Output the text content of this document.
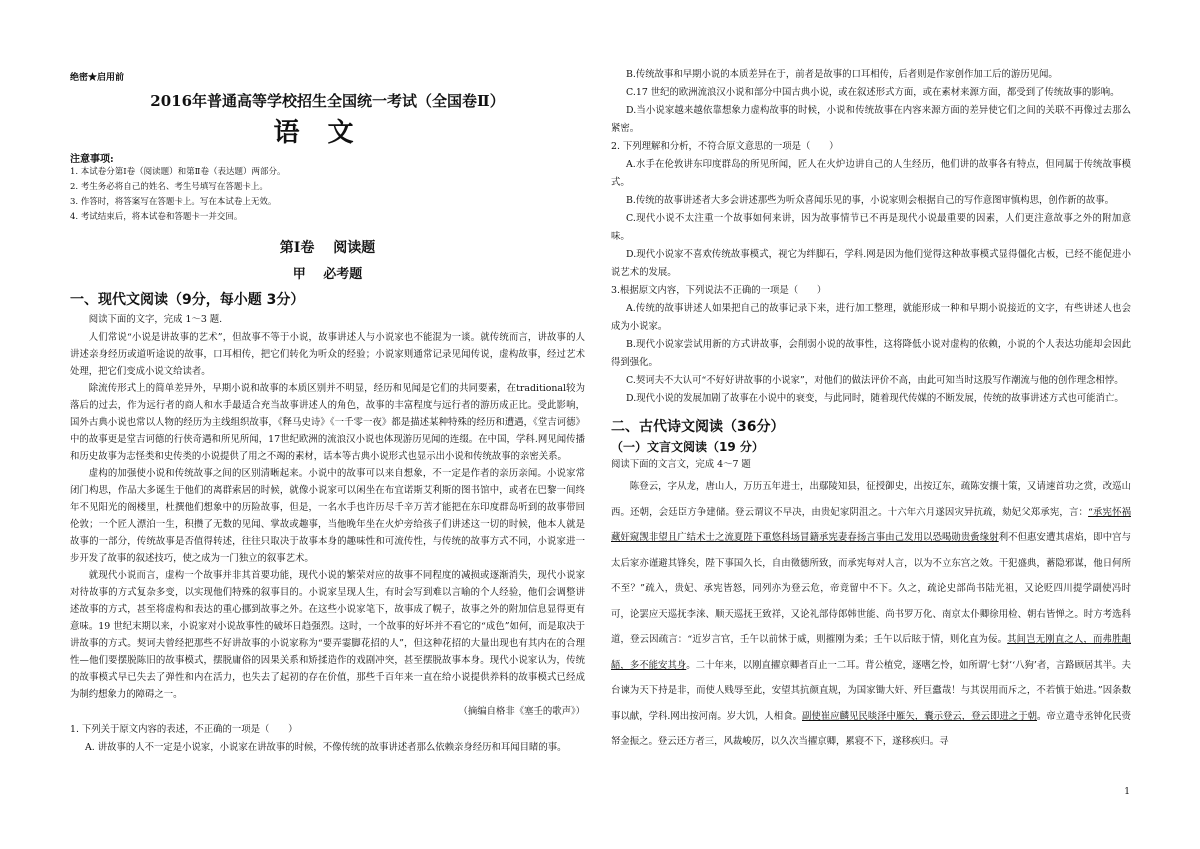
绝密★启用前
2016年普通高等学校招生全国统一考试（全国卷Ⅱ）
语文
注意事项:
1. 本试卷分第Ⅰ卷（阅读题）和第Ⅱ卷（表达题）两部分。
2. 考生务必将自己的姓名、考生号填写在答题卡上。
3. 作答时，将答案写在答题卡上。写在本试卷上无效。
4. 考试结束后，将本试卷和答题卡一并交回。
第Ⅰ卷　 阅读题
甲　 必考题
一、现代文阅读（9分，每小题 3分）

阅读下面的文字，完成 1～3 题.

人们常说“小说是讲故事的艺术”，但故事不等于小说，故事讲述人与小说家也不能混为一谈。就传统而言，讲故事的人讲述亲身经历或道听途说的故事，口耳相传，把它们转化为听众的经验；小说家则通常记录见闻传说，虚构故事，经过艺术处理，把它们变成小说文给读者。

除流传形式上的简单差异外，早期小说和故事的本质区别并不明显，经历和见闻是它们的共同要素，在traditional较为落后的过去，作为远行者的商人和水手最适合充当故事讲述人的角色，故事的丰富程度与远行者的游历成正比。受此影响，国外古典小说也常以人物的经历为主线组织故事，《释马史诗》《一千零一夜》都是描述某种特殊的经历和遭遇，《堂吉诃德》中的故事更是堂吉诃德的行侠奇遇和所见所闻，17世纪欧洲的流浪汉小说也体现游历见闻的连缀。在中国，学科.网见闻传播和历史故事为志怪类和史传类的小说提供了用之不竭的素材，话本等古典小说形式也显示出小说和传统故事的亲密关系。

虚构的加强使小说和传统故事之间的区别清晰起来。小说中的故事可以来自想象，不一定是作者的亲历亲闻。小说家常闭门构思，作品大多诞生于他们的离群索居的时候，就像小说家可以闲坐在布宜诺斯艾利斯的图书馆中，或者在巴黎一间终年不见阳光的阁楼里，杜撰他们想象中的历险故事，但是，一名水手也许历尽千辛万苦才能把在东印度群岛听到的故事带回伦敦；一个匠人漂泊一生，积攒了无数的见闻、掌故或趣事，当他晚年坐在火炉旁给孩子们讲述这一切的时候，他本人就是故事的一部分，传统故事是否值得转述，往往只取决于故事本身的趣味性和可流传性，与传统的故事方式不同，小说家进一步开发了故事的叙述技巧，使之成为一门独立的叙事艺术。

就现代小说而言，虚构一个故事并非其首要功能，现代小说的繁荣对应的故事不同程度的减损或逐渐消失，现代小说家对待故事的方式复杂多变，以实现他们特殊的叙事目的。小说家呈现人生，有时会写到难以言喻的个人经验，他们会调整讲述故事的方式，甚至将虚构和表达的重心挪到故事之外。在这些小说家笔下，故事成了幌子，故事之外的附加信息显得更有意味。19 世纪末期以来，小说家对小说故事性的破坏日趋强烈。这时，一个故事的好坏并不看它的“成色”如何，而是取决于讲故事的方式。契诃夫曾经把那些不好讲故事的小说家称为“要弄霎脚花招的人”，但这种花招的大量出现也有其内在的合理性—他们要摆脱陈旧的故事模式，摆脱庸俗的因果关系和矫揉造作的戏剧冲突，甚至摆脱故事本身。现代小说家认为，传统的故事模式早已失去了弹性和内在活力，也失去了起初的存在价值，那些千百年来一直在给小说提供养料的故事模式已经成为制约想象力的障碍之一。

（摘编自格非《塞壬的歌声》）

1. 下列关于原文内容的表述，不正确的一项是（　　）

A. 讲故事的人不一定是小说家，小说家在讲故事的时候，不像传统的故事讲述者那么依赖亲身经历和耳闻目睹的事。

B.传统故事和早期小说的本质差异在于，前者是故事的口耳相传，后者则是作家创作加工后的游历见闻。

C.17 世纪的欧洲流浪汉小说和部分中国古典小说，或在叙述形式方面，或在素材来源方面，都受到了传统故事的影响。

D.当小说家越来越依靠想象力虚构故事的时候，小说和传统故事在内容来源方面的差异使它们之间的关联不再像过去那么紧密。

2. 下列理解和分析，不符合原文意思的一项是（　　）

A.水手在伦敦讲东印度群岛的所见所闻，匠人在火炉边讲自己的人生经历，他们讲的故事各有特点，但同属于传统故事模式。

B.传统的故事讲述者大多会讲述那些为听众喜闻乐见的事，小说家则会根据自己的写作意图审慎构思，创作新的故事。

C.现代小说不太注重一个故事如何来讲，因为故事情节已不再是现代小说最重要的因素，人们更注意故事之外的附加意味。

D.现代小说家不喜欢传统故事模式，视它为绊脚石，学科.网是因为他们觉得这种故事模式显得僵化古板，已经不能促进小说艺术的发展。

3.根据原文内容，下列说法不正确的一项是（　　）

A.传统的故事讲述人如果把自己的故事记录下来，进行加工整理，就能形成一种和早期小说接近的文字，有些讲述人也会成为小说家。

B.现代小说家尝试用新的方式讲故事，会削弱小说的故事性，这将降低小说对虚构的依赖，小说的个人表达功能却会因此得到强化。

C.契诃夫不大认可“不好好讲故事的小说家”，对他们的做法评价不高，由此可知当时这股写作潮流与他的创作理念相悖。

D.现代小说的发展加剧了故事在小说中的衰变，与此同时，随着现代传媒的不断发展，传统的故事讲述方式也可能消亡。

二、古代诗文阅读（36分）
（一）文言文阅读（19 分）

阅读下面的文言文，完成 4～7 题

陈登云，字从龙，唐山人，万历五年进士，出鄢陵知县，征授御史，出按辽东，疏陈安攘十策，又请速首功之赏，改巡山西。还朝，会廷臣方争建储。登云谓议不早决，由贵妃家阴沮之。十六年六月遂因灾异抗疏，劾妃父郑承宪，言：“承宪怀祸藏奸窥觊非望且广结术士之流夏陛下重悠科场冒籍承宪妻春扬言事由己发用以恐喝勋贵夤缘射利不但惠安遭其虐焰，即中宫与太后家亦谨避其锋矣，陛下事国久长，自由徵德所致，而承宪每对人言，以为不立东宫之效。干犯盛典，蓄隐邪谋，他日何所不至？”疏入，贵妃、承宪皆怒，同列亦为登云危，帝竟留中不下。久之，疏论史部尚书陆光祖，又论贬四川提学副使冯时可，论罢应天巡抚李涞、顺天巡抚王致祥，又论礼部侍郎韩世能、尚书罗万化、南京太仆卿徐用检、朝右皆惮之。时方考选科道，登云因疏言：“近岁言官，壬午以前怵于威，则摧刚为柔；壬午以后眩于情，则化直为佞。其间岂无刚直之人，而弗胜龃龉，多不能安其身。二十年来，以刚直擢京卿者百止一二耳。背公植党，逐嗜乞怜，如所谓‘七豺’‘八狗’者，言路顾居其半。夫台谏为天下持是非，而使人贱辱至此，安望其抗颜直规，为国家锄大奸、歼巨蠹哉！与其误用而斥之，不若慎于始进。”因条数事以献，学科.网出按河南。岁大饥，人相食。副使崔应麟见民啖泽中雁矢，囊示登云，登云即进之于朝。帝立遣寺丞钟化民赍帑金振之。登云还方者三，风裁峻厉，以久次当擢京卿，累寝不下，遂移疾归。寻

1
